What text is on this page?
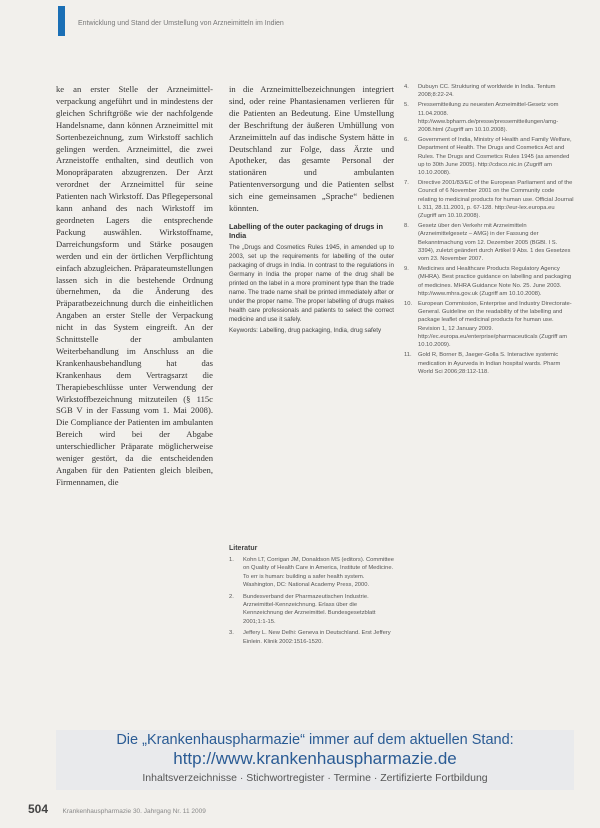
Entwicklung und Stand der Umstellung von Arzneimitteln im Indien

ke an erster Stelle der Arzneimittel-verpackung angeführt und in mindestens der gleichen Schriftgröße wie der nachfolgende Handelsname, dann können Arzneimittel mit Sortenbezeichnung, zum Wirkstoff sachlich gelingen werden. Arzneimittel, die zwei Arzneistoffe enthalten, sind deutlich von Monopräparaten abzugrenzen. Der Arzt verordnet der Arzneimittel für seine Patienten nach Wirkstoff. Das Pflegepersonal kann anhand des nach Wirkstoff im geordneten Lagers die entsprechende Packung auswählen. Wirkstoffname, Darreichungsform und Stärke posaugen werden und ein der örtlichen Verpflichtung einfach abzugleichen. Präparateumstellungen lassen sich in die bestehende Ordnung übernehmen, da die Änderung des Präparatbezeichnung durch die einheitlichen Angaben an erster Stelle der Verpackung nicht in das System eingreift. An der Schnittstelle der ambulanten Weiterbehandlung im Anschluss an die Krankenhausbehandlung hat das Krankenhaus dem Vertragsarzt die Therapiebeschlüsse unter Verwendung der Wirkstoffbezeichnung mitzuteilen (§ 115c SGB V in der Fassung vom 1. Mai 2008). Die Compliance der Patienten im ambulanten Bereich wird bei der Abgabe unterschiedlicher Präparate möglicherweise weniger gestört, da die entscheidenden Angaben für den Patienten gleich bleiben, Firmennamen, die

in die Arzneimittelbezeichnungen integriert sind, oder reine Phantasienamen verlieren für die Patienten an Bedeutung. Eine Umstellung der Beschriftung der äußeren Umhüllung von Arzneimitteln auf das indische System hätte in Deutschland zur Folge, dass Ärzte und Apotheker, das gesamte Personal der stationären und ambulanten Patientenversorgung und die Patienten selbst sich eine gemeinsamen „Sprache“ bedienen könnten.

Labelling of the outer packaging of drugs in India

The „Drugs and Cosmetics Rules 1945, in amended up to 2003, set up the requirements for labelling of the outer packaging of drugs in India. In contrast to the regulations in Germany in India the proper name of the drug shall be printed on the label in a more prominent type than the trade name. The trade name shall be printed immediately after or under the proper name. The proper labelling of drugs makes health care professionals and patients to select the correct medicine and use it safely.

Keywords: Labelling, drug packaging, India, drug safety

Literatur
1.	Kohn LT, Corrigan JM, Donaldson MS (editors). Committee on Quality of Health Care in America, Institute of Medicine. To err is human: building a safer health system. Washington, DC: National Academy Press, 2000.
2.	Bundesverband der Pharmazeutischen Industrie. Arzneimittel-Kennzeichnung. Erlass über die Kennzeichnung der Arzneimittel. Bundesgesetzblatt 2001;1:1-15.
3.	Jeffery L. New Delhi: Geneva in Deutschland. Erst Jeffery Einlein. Klinik 2002:1516-1520.
4.	Dubuyn CC. Strukturing of worldwide in India. Tentum 2008;8:22-24.
5.	Pressemitteilung zu neuesten Arzneimittel-Gesetz vom 11.04.2008. http://www.bpharm.de/presse/pressemitteilungen/amg-2008.html (Zugriff am 10.10.2008).
6.	Government of India, Ministry of Health and Family Welfare, Department of Health. The Drugs and Cosmetics Act and Rules. The Drugs and Cosmetics Rules 1945 (as amended up to 30th June 2005). http://cdsco.nic.in (Zugriff am 10.10.2008).
7.	Directive 2001/83/EC of the European Parliament and of the Council of 6 November 2001 on the Community code relating to medicinal products for human use. Official Journal L 311, 28.11.2001, p. 67-128. http://eur-lex.europa.eu (Zugriff am 10.10.2008).
8.	Gesetz über den Verkehr mit Arzneimitteln (Arzneimittelgesetz – AMG) in der Fassung der Bekanntmachung vom 12. Dezember 2005 (BGBl. I S. 3394), zuletzt geändert durch Artikel 9 Abs. 1 des Gesetzes vom 23. November 2007.
9.	Medicines and Healthcare Products Regulatory Agency (MHRA). Best practice guidance on labelling and packaging of medicines. MHRA Guidance Note No. 25. June 2003. http://www.mhra.gov.uk (Zugriff am 10.10.2008).
10.	European Commission, Enterprise and Industry Directorate-General. Guideline on the readability of the labelling and package leaflet of medicinal products for human use. Revision 1, 12 January 2009. http://ec.europa.eu/enterprise/pharmaceuticals (Zugriff am 10.10.2009).
11.	Gold R, Borner B, Jaeger-Golla S. Interactive systemic medication in Ayurveda in Indian hospital wards. Pharm World Sci 2006;28:112-118.
Die „Krankenhauspharmazie“ immer auf dem aktuellen Stand:
http://www.krankenhauspharmazie.de
Inhaltsverzeichnisse · Stichwortregister · Termine · Zertifizierte Fortbildung
504 Krankenhauspharmazie 30. Jahrgang Nr. 11 2009
